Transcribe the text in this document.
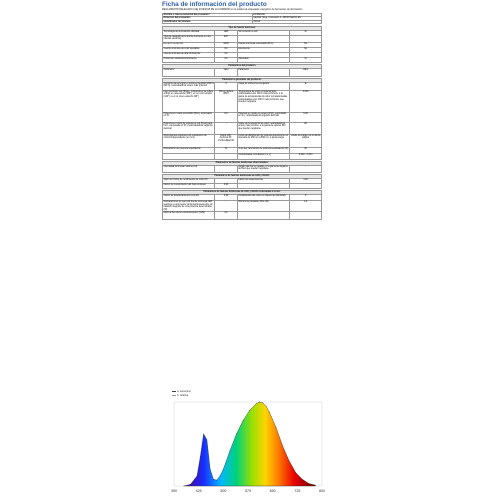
Ficha de información del producto
REGLAMENTO DELEGADO (UE) 2019/2015 DE LA COMISIÓN en lo relativo al etiquetado energético de las fuentes de iluminación
Nombre o marca comercial del proveedor:	EVIDENCE
Dirección del proveedor:	Capitán Haya, Concesión 2, 28046 Madrid, ES
Identificador del modelo:	TR100
Tipo de fuente luminosa:			
Tecnología de iluminación utilizada:	LED	Sin conexión a red:	Sí
Tipo de casquillo de la fuente luminosa (u otra interfaz eléctrica):	E27		
De red o no de red:	RED	Fuente luminosa conectada (FLC):	No
Fuente luminosa de color ajustable:	No	Envolvente:	No
Fuente luminosa de alta luminancia:	No		
Protección antideslumbramiento:	No	Atenuable:	Sí
Parámetros del producto
Parámetro	Valor	Parámetro	Valor
Parámetros generales del producto:			
Consumo de energía en modo encendido (kWh/1 000 h), redondeado al entero más próximo	8	Clase de eficiencia energética:	E
Flujo luminoso útil (Φuse), indicando si se refiere al flujo en una esfera (360°), en un cono amplio (120°) o en un cono estrecho (90°)	806 en Esfera (360°)	Temperatura de color correlacionada, redondeada a los 100 K más próximos, o la gama de temperaturas de color correlacionadas, redondeadas a los 100 K más próximos, que pueden regularse	3 000
Potencia en modo encendido (Pon), expresada en W	8,0	Potencia en modo en espera (Psb), expresada en W y redondeada al segundo decimal	0,00
Potencia en modo de espera en red (Pnet) para FLC, expresada en W y redondeada al segundo decimal	-	Índice de rendimiento de color, redondeado al entero más próximo, o la gama de valores IRC que pueden regularse	80
Dimensiones exteriores sin mecanismo de control independiente (en mm)	Altura 108 · Anchura 60 · Profundidad 60	Curva de distribución de potencia espectral en el intervalo de 250 nm a 800 nm, a plena carga	Véase la imagen de la última página
Declaración de potencia equivalente	Sí	Si es así, afirmación de potencia equivalente (W)	60
		Coordenadas cromáticas (x e y)	0,440 · 0,403
Parámetros de fuentes luminosas direccionales:
Intensidad luminosa máxima (cd)	-	Ángulo del haz en grados, o la gama de ángulos del haz que pueden regularse	-
Parámetros de fuentes luminosas de LED y OLED:			
Valor del índice de rendimiento de color R9		Factor de supervivencia	1,00
Factor de conservación del flujo luminoso	0,96		
Parámetros de fuentes luminosas de LED y OLED conectadas a la red:			
Factor de desplazamiento (cos φ1)	0,96	Consistencia del color en elipses de MacAdam	6
Declaraciones de que una fuente luminosa LED sustituye a una fuente luminosa fluorescente sin balasto integrado de una potencia determinada (W)	-	Métrica de parpadeo (Pst LM)	1,0
Métrica del efecto estroboscópico (SVM)	0,2		
a: espectral
b: relativa
350	425	500	575	650	725	800
